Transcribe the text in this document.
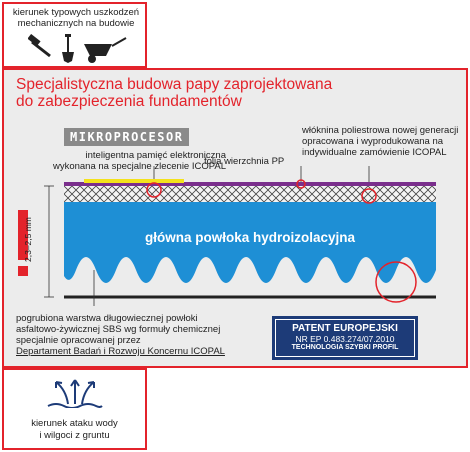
kierunek typowych uszkodzeń mechanicznych na budowie
Specjalistyczna budowa papy zaprojektowana
do zabezpieczenia fundamentów
MIKROPROCESOR
inteligentna pamięć elektroniczna
wykonana na specjalne zlecenie ICOPAL
folia wierzchnia PP
włóknina poliestrowa nowej generacji
opracowana i wyprodukowana na
indywidualne zamówienie ICOPAL
2,3–2,5 mm	główna powłoka hydroizolacyjna
pogrubiona warstwa długowiecznej powłoki
asfaltowo-żywicznej SBS wg formuły chemicznej
specjalnie opracowanej przez
Departament Badań i Rozwoju Koncernu ICOPAL
PATENT EUROPEJSKI
NR EP 0.483.274/07.2010
TECHNOLOGIA SZYBKI PROFIL
kierunek ataku wody
i wilgoci z gruntu
